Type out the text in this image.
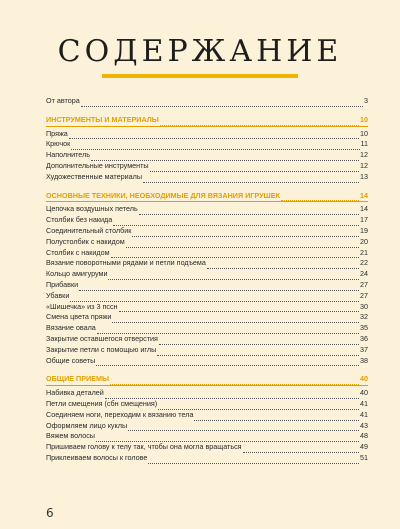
СОДЕРЖАНИЕ
От автора	3
ИНСТРУМЕНТЫ И МАТЕРИАЛЫ	10
Пряжа	10
Крючок	11
Наполнитель	12
Дополнительные инструменты	12
Художественные материалы	13
ОСНОВНЫЕ ТЕХНИКИ, НЕОБХОДИМЫЕ ДЛЯ ВЯЗАНИЯ ИГРУШЕК	14
Цепочка воздушных петель	14
Столбик без накида	17
Соединительный столбик	19
Полустолбик с накидом	20
Столбик с накидом	21
Вязание поворотными рядами и петли подъема	22
Кольцо амигуруми	24
Прибавки	27
Убавки	27
«Шишечка» из 3 пссн	30
Смена цвета пряжи	32
Вязание овала	35
Закрытие оставшегося отверстия	36
Закрытие петли с помощью иглы	37
Общие советы	38
ОБЩИЕ ПРИЕМЫ	40
Набивка деталей	40
Петли смещения (сбн смещения)	41
Соединяем ноги, переходим к вязанию тела	41
Оформляем лицо куклы	43
Вяжем волосы	48
Пришиваем голову к телу так, чтобы она могла вращаться	49
Приклеиваем волосы к голове	51
6
